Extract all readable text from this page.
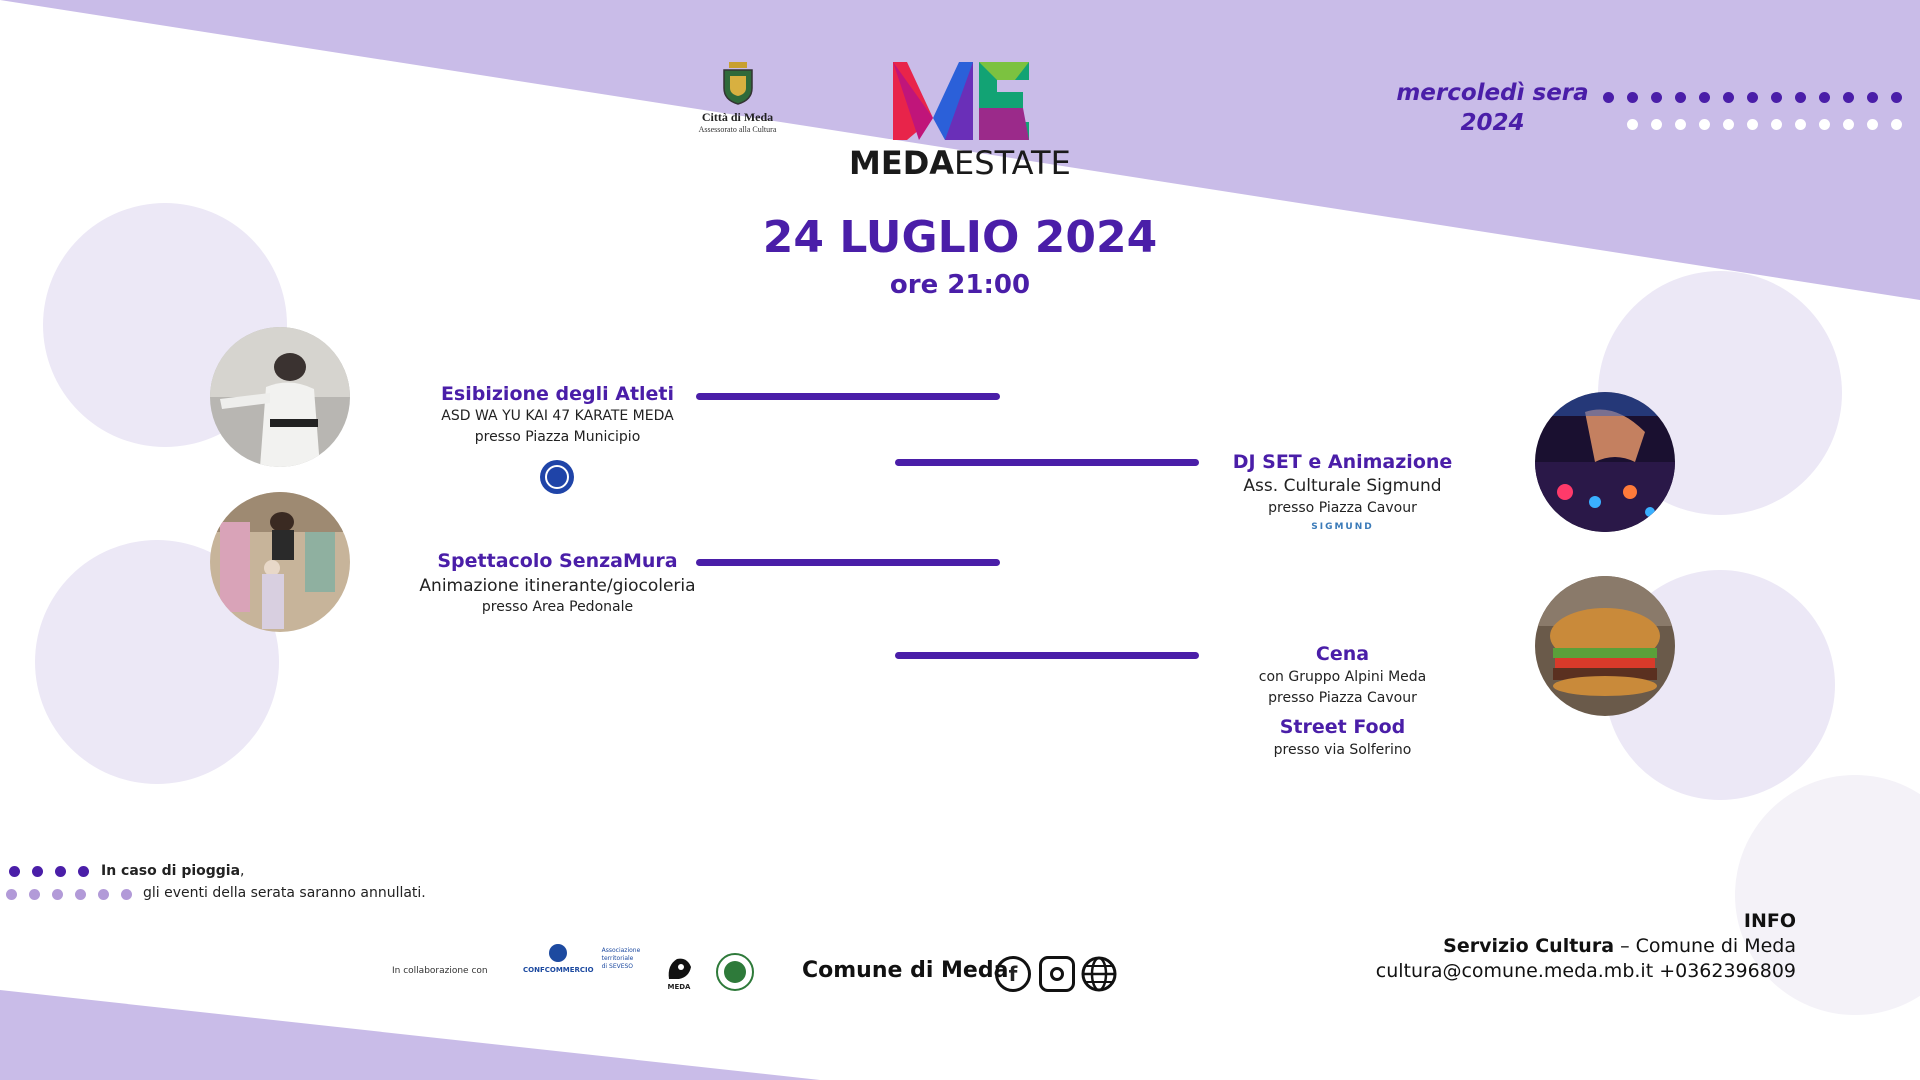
mercoledì sera
2024
Città di Meda
Assessorato alla Cultura
MEDAESTATE
24 LUGLIO 2024
ore 21:00
Esibizione degli Atleti
ASD WA YU KAI 47 KARATE MEDA
presso Piazza Municipio
Spettacolo SenzaMura
Animazione itinerante/giocoleria
presso Area Pedonale
DJ SET e Animazione
Ass. Culturale Sigmund
presso Piazza Cavour
SIGMUND
Cena
con Gruppo Alpini Meda
presso Piazza Cavour
Street Food
presso via Solferino
In caso di pioggia,
gli eventi della serata saranno annullati.
In collaborazione con	CONFCOMMERCIO
Associazione territoriale di SEVESO
MEDA
Comune di Meda f
INFO
Servizio Cultura – Comune di Meda
cultura@comune.meda.mb.it +0362396809
